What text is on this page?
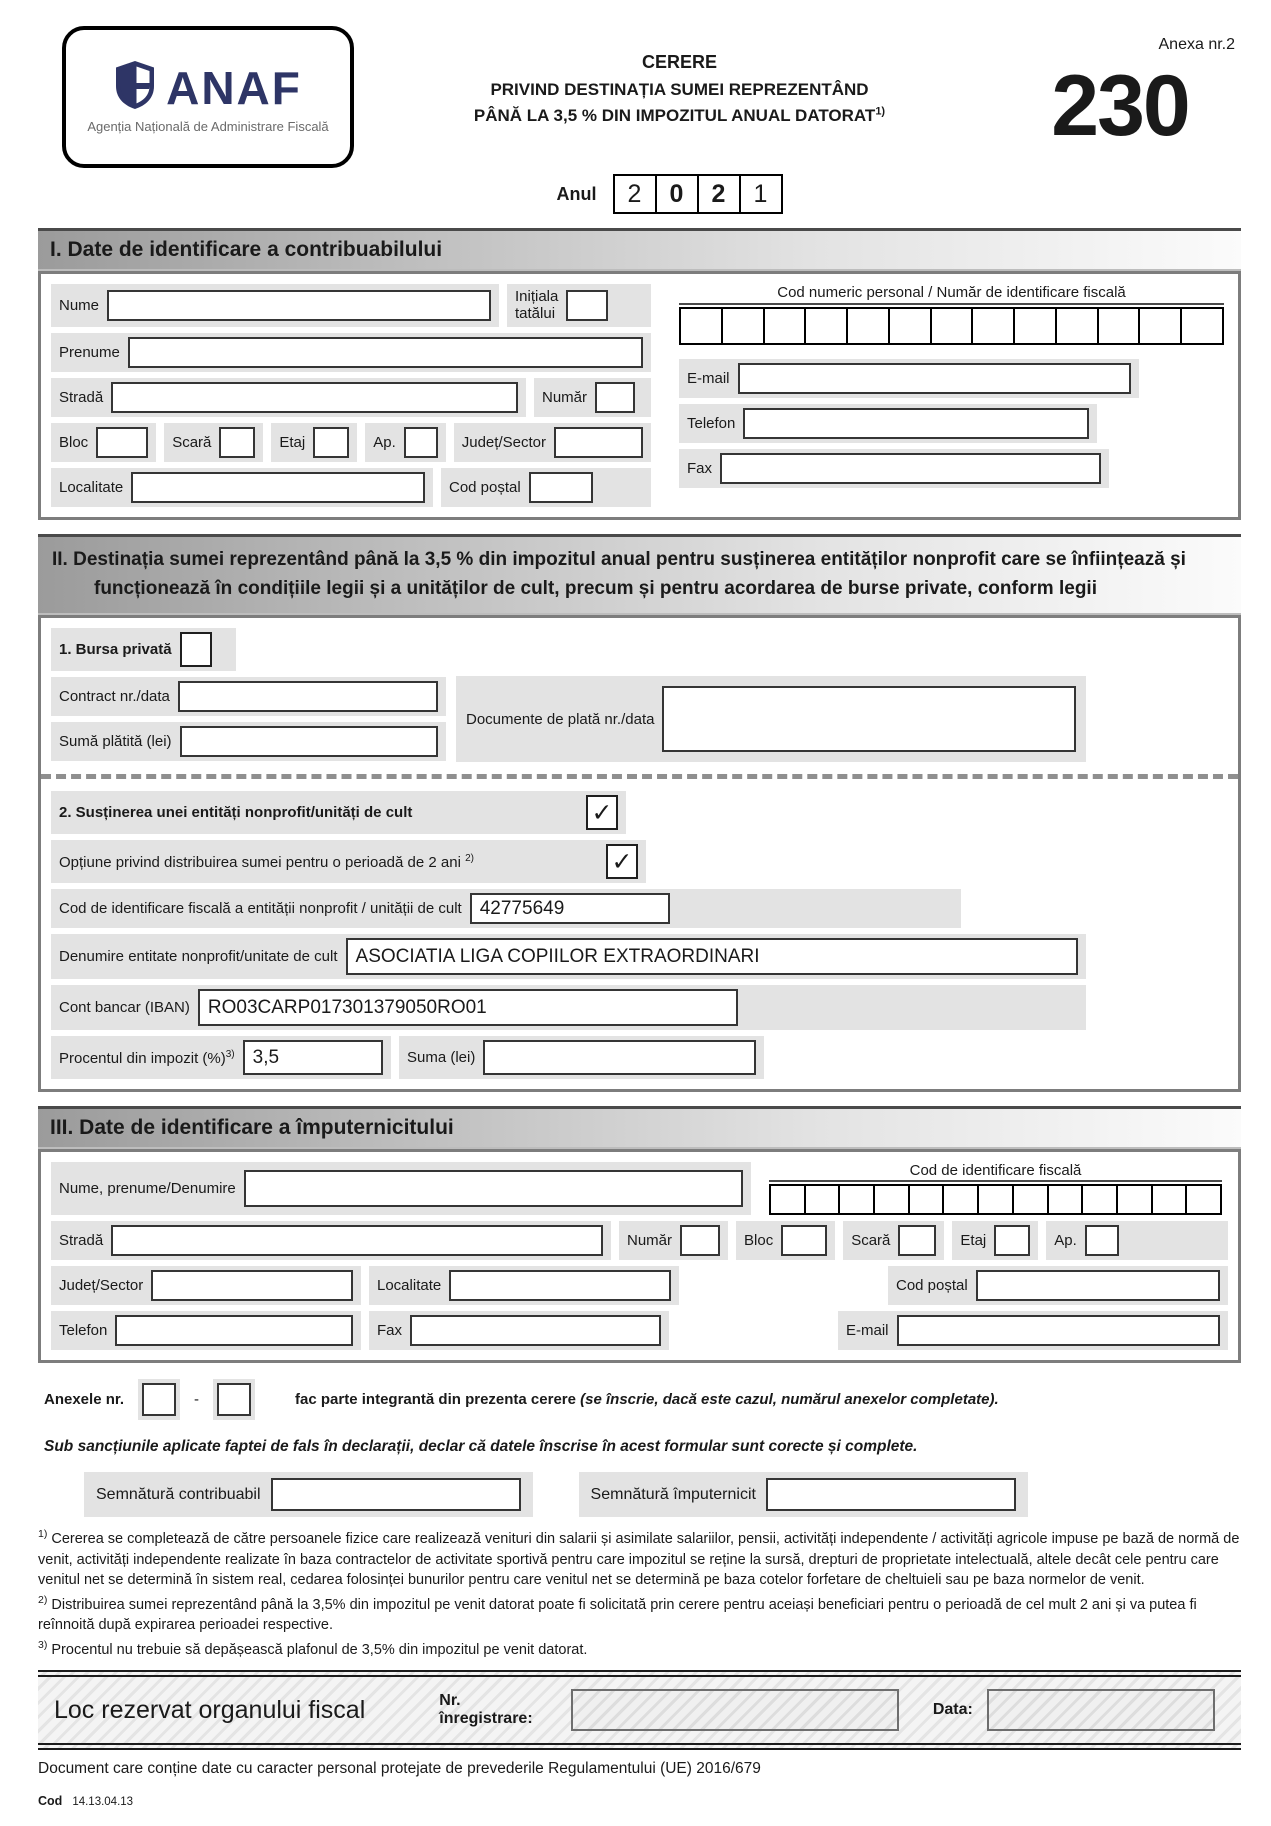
ANAF
Agenția Națională de Administrare Fiscală
CERERE
PRIVIND DESTINAȚIA SUMEI REPREZENTÂND
PÂNĂ LA 3,5 % DIN IMPOZITUL ANUAL DATORAT$^{1)}$
Anexa nr.2
230
Anul	2	0	2	1
I. Date de identificare a contribuabilului
Nume
Inițiala
tatălui
Prenume
Stradă	Număr
Bloc	Scară	Etaj	Ap.	Județ/Sector
Localitate	Cod poștal
Cod numeric personal / Număr de identificare fiscală
E-mail
Telefon
Fax
II. Destinația sumei reprezentând până la 3,5 % din impozitul anual pentru susținerea entităților nonprofit care se înființează și funcționează în condițiile legii și a unităților de cult, precum și pentru acordarea de burse private, conform legii
1. Bursa privată
Contract nr./data
Sumă plătită (lei)
Documente de plată nr./data
2. Susținerea unei entități nonprofit/unități de cult	✓
Opțiune privind distribuirea sumei pentru o perioadă de 2 ani $^{2)}$	✓
Cod de identificare fiscală a entității nonprofit / unității de cult 42775649
Denumire entitate nonprofit/unitate de cult ASOCIATIA LIGA COPIILOR EXTRAORDINARI
Cont bancar (IBAN) RO03CARP017301379050RO01
Procentul din impozit (%)$^{3)}$ 3,5	Suma (lei)
III. Date de identificare a împuternicitului
Nume, prenume/Denumire
Cod de identificare fiscală
Stradă	Număr	Bloc	Scară	Etaj	Ap.
Județ/Sector	Localitate	Cod poștal
Telefon	Fax	E-mail
Anexele nr.	-	fac parte integrantă din prezenta cerere (se înscrie, dacă este cazul, numărul anexelor completate).
Sub sancțiunile aplicate faptei de fals în declarații, declar că datele înscrise în acest formular sunt corecte și complete.
Semnătură contribuabil	Semnătură împuternicit

$^{1)}$ Cererea se completează de către persoanele fizice care realizează venituri din salarii și asimilate salariilor, pensii, activități independente / activități agricole impuse pe bază de normă de venit, activități independente realizate în baza contractelor de activitate sportivă pentru care impozitul se reține la sursă, drepturi de proprietate intelectuală, altele decât cele pentru care venitul net se determină în sistem real, cedarea folosinței bunurilor pentru care venitul net se determină pe baza cotelor forfetare de cheltuieli sau pe baza normelor de venit.

$^{2)}$ Distribuirea sumei reprezentând până la 3,5% din impozitul pe venit datorat poate fi solicitată prin cerere pentru aceiași beneficiari pentru o perioadă de cel mult 2 ani și va putea fi reînnoită după expirarea perioadei respective.

$^{3)}$ Procentul nu trebuie să depășească plafonul de 3,5% din impozitul pe venit datorat.

Loc rezervat organului fiscal	Nr. înregistrare:
Data:
Document care conține date cu caracter personal protejate de prevederile Regulamentului (UE) 2016/679
Cod 14.13.04.13
